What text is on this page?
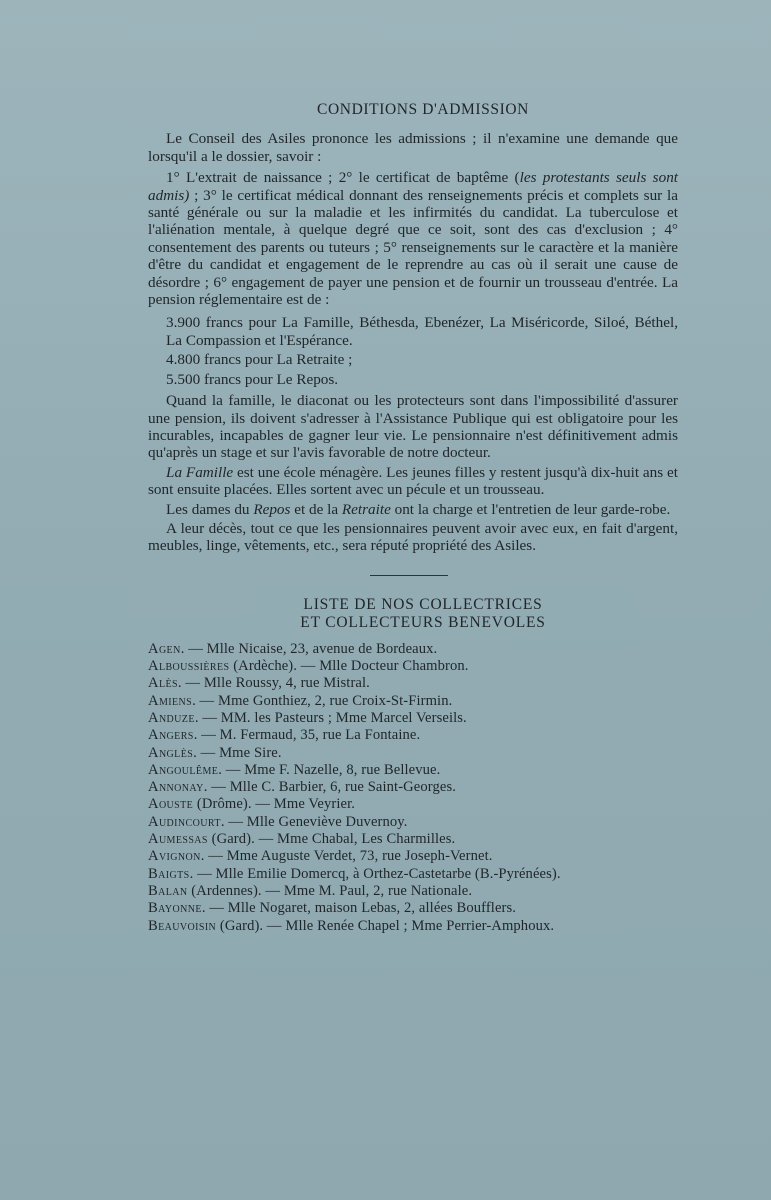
CONDITIONS D'ADMISSION

Le Conseil des Asiles prononce les admissions ; il n'examine une demande que lorsqu'il a le dossier, savoir :

1° L'extrait de naissance ; 2° le certificat de baptême (les protestants seuls sont admis) ; 3° le certificat médical donnant des renseignements précis et complets sur la santé générale ou sur la maladie et les infirmités du candidat. La tuberculose et l'aliénation mentale, à quelque degré que ce soit, sont des cas d'exclusion ; 4° consentement des parents ou tuteurs ; 5° renseignements sur le caractère et la manière d'être du candidat et engagement de le reprendre au cas où il serait une cause de désordre ; 6° engagement de payer une pension et de fournir un trousseau d'entrée. La pension réglementaire est de :

3.900 francs pour La Famille, Béthesda, Ebenézer, La Miséricorde, Siloé, Béthel, La Compassion et l'Espérance.

4.800 francs pour La Retraite ;

5.500 francs pour Le Repos.

Quand la famille, le diaconat ou les protecteurs sont dans l'impossibilité d'assurer une pension, ils doivent s'adresser à l'Assistance Publique qui est obligatoire pour les incurables, incapables de gagner leur vie. Le pensionnaire n'est définitivement admis qu'après un stage et sur l'avis favorable de notre docteur.

La Famille est une école ménagère. Les jeunes filles y restent jusqu'à dix-huit ans et sont ensuite placées. Elles sortent avec un pécule et un trousseau.

Les dames du Repos et de la Retraite ont la charge et l'entretien de leur garde-robe.

A leur décès, tout ce que les pensionnaires peuvent avoir avec eux, en fait d'argent, meubles, linge, vêtements, etc., sera réputé propriété des Asiles.

LISTE DE NOS COLLECTRICES
ET COLLECTEURS BENEVOLES
Agen. — Mlle Nicaise, 23, avenue de Bordeaux.
Alboussières (Ardèche). — Mlle Docteur Chambron.
Alès. — Mlle Roussy, 4, rue Mistral.
Amiens. — Mme Gonthiez, 2, rue Croix-St-Firmin.
Anduze. — MM. les Pasteurs ; Mme Marcel Verseils.
Angers. — M. Fermaud, 35, rue La Fontaine.
Anglès. — Mme Sire.
Angoulême. — Mme F. Nazelle, 8, rue Bellevue.
Annonay. — Mlle C. Barbier, 6, rue Saint-Georges.
Aouste (Drôme). — Mme Veyrier.
Audincourt. — Mlle Geneviève Duvernoy.
Aumessas (Gard). — Mme Chabal, Les Charmilles.
Avignon. — Mme Auguste Verdet, 73, rue Joseph-Vernet.
Baigts. — Mlle Emilie Domercq, à Orthez-Castetarbe (B.-Pyrénées).
Balan (Ardennes). — Mme M. Paul, 2, rue Nationale.
Bayonne. — Mlle Nogaret, maison Lebas, 2, allées Boufflers.
Beauvoisin (Gard). — Mlle Renée Chapel ; Mme Perrier-Amphoux.
